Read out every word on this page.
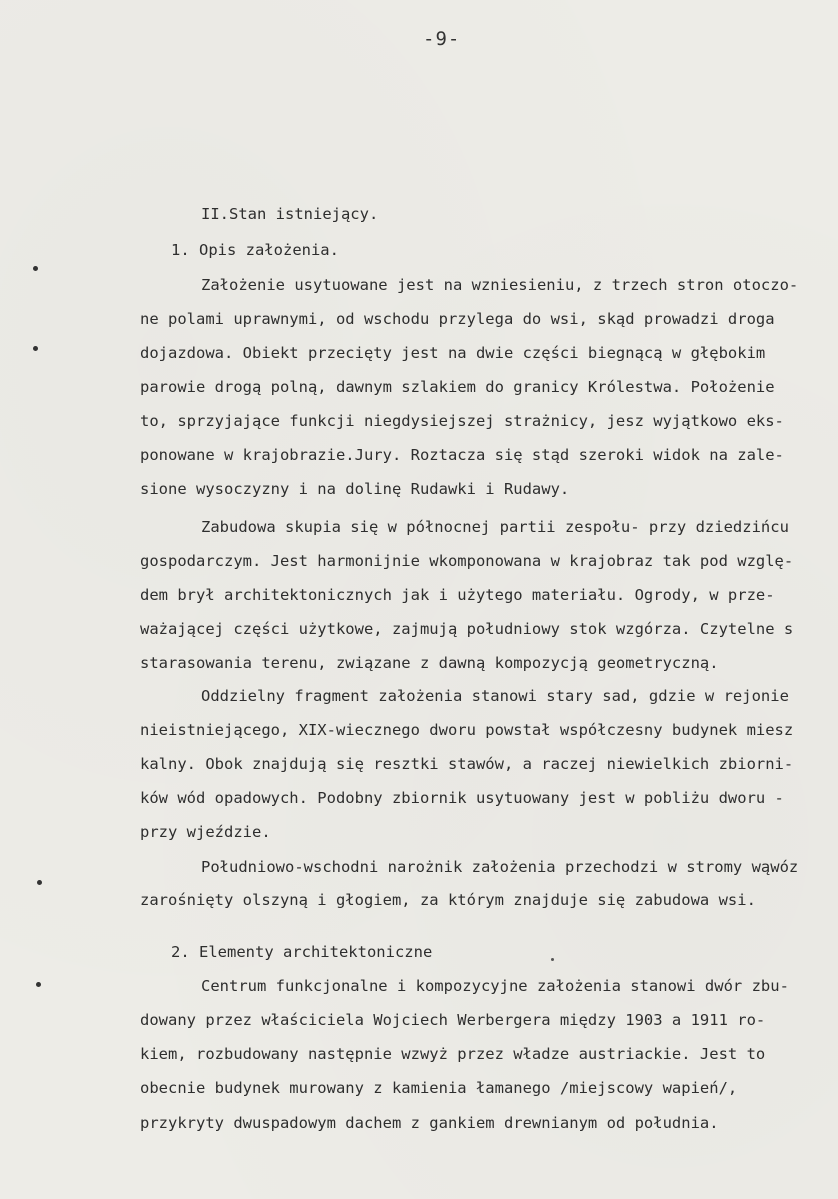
-9-
II.Stan istniejący.
1. Opis założenia.
Założenie usytuowane jest na wzniesieniu, z trzech stron otoczo-
ne polami uprawnymi, od wschodu przylega do wsi, skąd prowadzi droga
dojazdowa. Obiekt przecięty jest na dwie części biegnącą w głębokim
parowie drogą polną, dawnym szlakiem do granicy Królestwa. Położenie
to, sprzyjające funkcji niegdysiejszej strażnicy, jesz wyjątkowo eks-
ponowane w krajobrazie.Jury. Roztacza się stąd szeroki widok na zale-
sione wysoczyzny i na dolinę Rudawki i Rudawy.
Zabudowa skupia się w północnej partii zespołu- przy dziedzińcu
gospodarczym. Jest harmonijnie wkomponowana w krajobraz tak pod wzglę-
dem brył architektonicznych jak i użytego materiału. Ogrody, w prze-
ważającej części użytkowe, zajmują południowy stok wzgórza. Czytelne s
starasowania terenu, związane z dawną kompozycją geometryczną.
Oddzielny fragment założenia stanowi stary sad, gdzie w rejonie
nieistniejącego, XIX-wiecznego dworu powstał współczesny budynek miesz
kalny. Obok znajdują się resztki stawów, a raczej niewielkich zbiorni-
ków wód opadowych. Podobny zbiornik usytuowany jest w pobliżu dworu -
przy wjeździe.
Południowo-wschodni narożnik założenia przechodzi w stromy wąwóz
zarośnięty olszyną i głogiem, za którym znajduje się zabudowa wsi.
2. Elementy architektoniczne
Centrum funkcjonalne i kompozycyjne założenia stanowi dwór zbu-
dowany przez właściciela Wojciech Werbergera między 1903 a 1911 ro-
kiem, rozbudowany następnie wzwyż przez władze austriackie. Jest to
obecnie budynek murowany z kamienia łamanego /miejscowy wapień/,
przykryty dwuspadowym dachem z gankiem drewnianym od południa.
